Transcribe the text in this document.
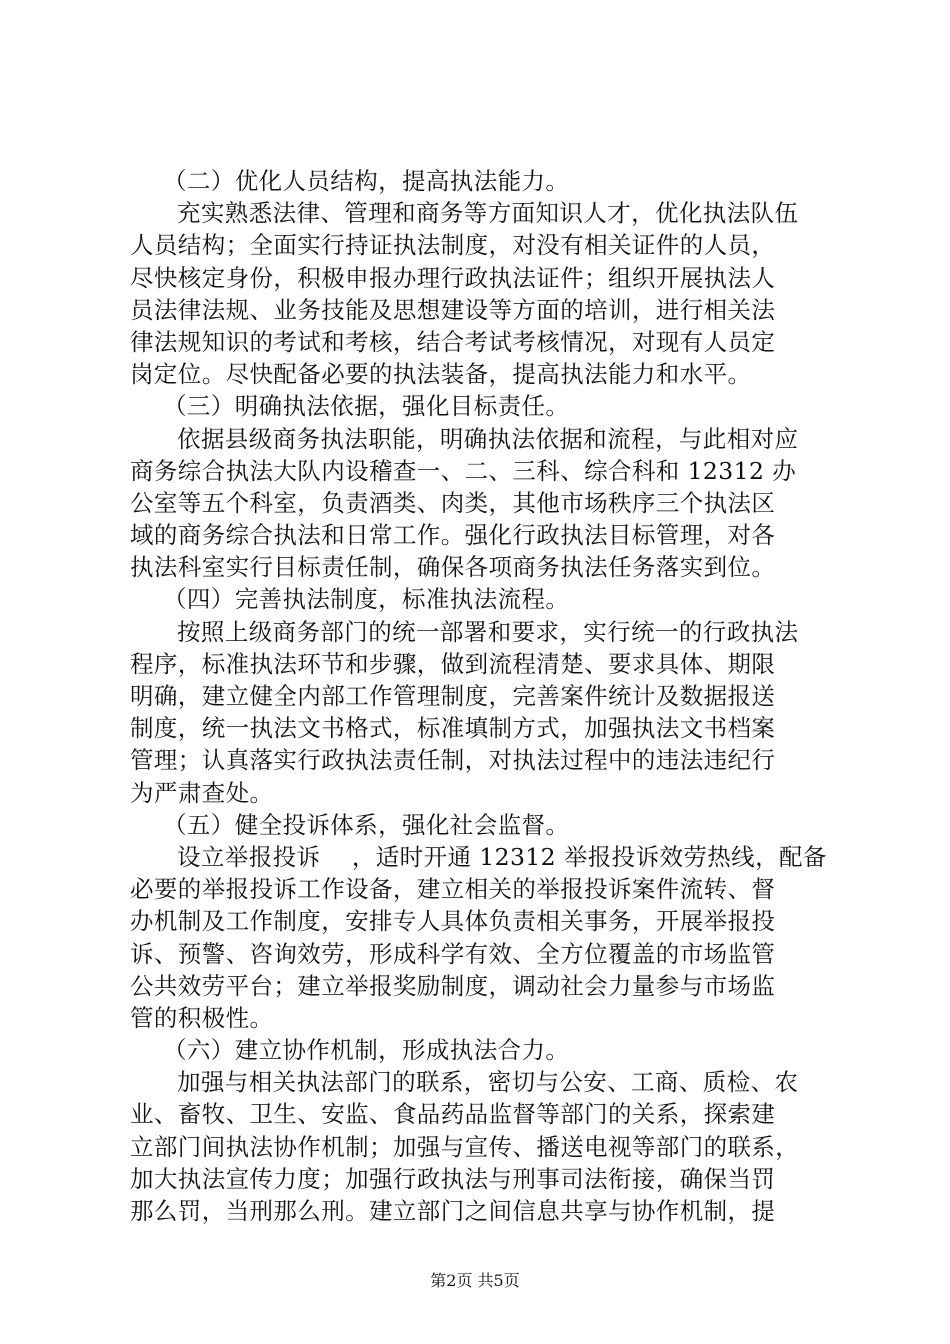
（二）优化人员结构，提高执法能力。
充实熟悉法律、管理和商务等方面知识人才，优化执法队伍
人员结构；全面实行持证执法制度，对没有相关证件的人员，
尽快核定身份，积极申报办理行政执法证件；组织开展执法人
员法律法规、业务技能及思想建设等方面的培训，进行相关法
律法规知识的考试和考核，结合考试考核情况，对现有人员定
岗定位。尽快配备必要的执法装备，提高执法能力和水平。
（三）明确执法依据，强化目标责任。
依据县级商务执法职能，明确执法依据和流程，与此相对应
商务综合执法大队内设稽查一、二、三科、综合科和 12312 办
公室等五个科室，负责酒类、肉类，其他市场秩序三个执法区
域的商务综合执法和日常工作。强化行政执法目标管理，对各
执法科室实行目标责任制，确保各项商务执法任务落实到位。
（四）完善执法制度，标准执法流程。
按照上级商务部门的统一部署和要求，实行统一的行政执法
程序，标准执法环节和步骤，做到流程清楚、要求具体、期限
明确，建立健全内部工作管理制度，完善案件统计及数据报送
制度，统一执法文书格式，标准填制方式，加强执法文书档案
管理；认真落实行政执法责任制，对执法过程中的违法违纪行
为严肃查处。
（五）健全投诉体系，强化社会监督。
设立举报投诉    ，适时开通 12312 举报投诉效劳热线，配备
必要的举报投诉工作设备，建立相关的举报投诉案件流转、督
办机制及工作制度，安排专人具体负责相关事务，开展举报投
诉、预警、咨询效劳，形成科学有效、全方位覆盖的市场监管
公共效劳平台；建立举报奖励制度，调动社会力量参与市场监
管的积极性。
（六）建立协作机制，形成执法合力。
加强与相关执法部门的联系，密切与公安、工商、质检、农
业、畜牧、卫生、安监、食品药品监督等部门的关系，探索建
立部门间执法协作机制；加强与宣传、播送电视等部门的联系，
加大执法宣传力度；加强行政执法与刑事司法衔接，确保当罚
那么罚，当刑那么刑。建立部门之间信息共享与协作机制，提
第2页 共5页
